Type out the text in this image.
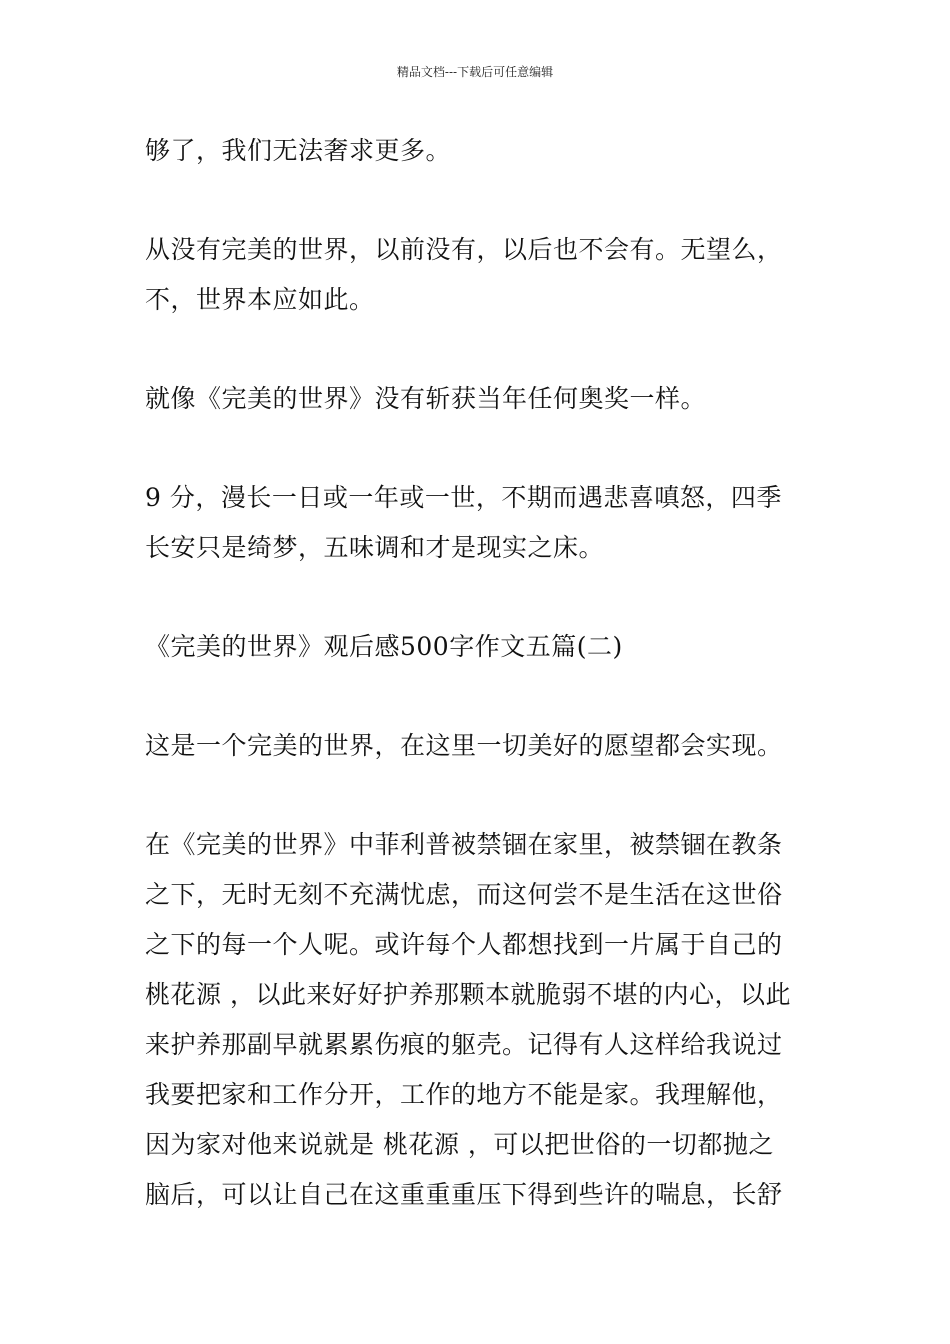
精品文档---下载后可任意编辑

够了，我们无法奢求更多。

从没有完美的世界，以前没有，以后也不会有。无望么，
不，世界本应如此。

就像《完美的世界》没有斩获当年任何奥奖一样。

9 分，漫长一日或一年或一世，不期而遇悲喜嗔怒，四季
长安只是绮梦，五味调和才是现实之床。

《完美的世界》观后感500字作文五篇(二)

这是一个完美的世界，在这里一切美好的愿望都会实现。

在《完美的世界》中菲利普被禁锢在家里，被禁锢在教条
之下，无时无刻不充满忧虑，而这何尝不是生活在这世俗
之下的每一个人呢。或许每个人都想找到一片属于自己的
桃花源 ，以此来好好护养那颗本就脆弱不堪的内心，以此
来护养那副早就累累伤痕的躯壳。记得有人这样给我说过
我要把家和工作分开，工作的地方不能是家。我理解他，
因为家对他来说就是 桃花源 ，可以把世俗的一切都抛之
脑后，可以让自己在这重重重压下得到些许的喘息，长舒
